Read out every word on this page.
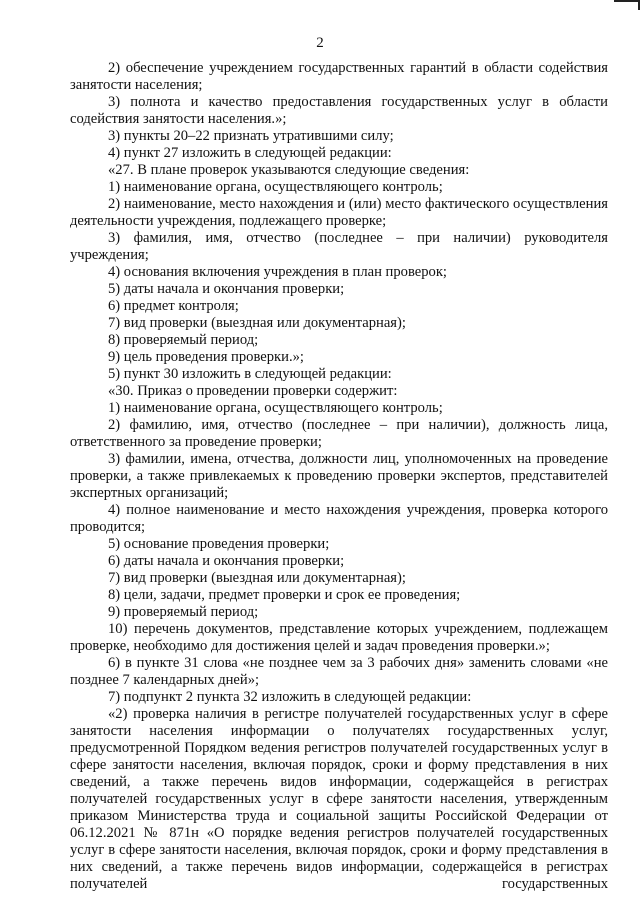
2

2) обеспечение учреждением государственных гарантий в области содействия занятости населения;

3) полнота и качество предоставления государственных услуг в области содействия занятости населения.»;

3) пункты 20–22 признать утратившими силу;

4) пункт 27 изложить в следующей редакции:

«27. В плане проверок указываются следующие сведения:

1) наименование органа, осуществляющего контроль;

2) наименование, место нахождения и (или) место фактического осуществления деятельности учреждения, подлежащего проверке;

3) фамилия, имя, отчество (последнее – при наличии) руководителя учреждения;

4) основания включения учреждения в план проверок;

5) даты начала и окончания проверки;

6) предмет контроля;

7) вид проверки (выездная или документарная);

8) проверяемый период;

9) цель проведения проверки.»;

5) пункт 30 изложить в следующей редакции:

«30. Приказ о проведении проверки содержит:

1) наименование органа, осуществляющего контроль;

2) фамилию, имя, отчество (последнее – при наличии), должность лица, ответственного за проведение проверки;

3) фамилии, имена, отчества, должности лиц, уполномоченных на проведение проверки, а также привлекаемых к проведению проверки экспертов, представителей экспертных организаций;

4) полное наименование и место нахождения учреждения, проверка которого проводится;

5) основание проведения проверки;

6) даты начала и окончания проверки;

7) вид проверки (выездная или документарная);

8) цели, задачи, предмет проверки и срок ее проведения;

9) проверяемый период;

10) перечень документов, представление которых учреждением, подлежащем проверке, необходимо для достижения целей и задач проведения проверки.»;

6) в пункте 31 слова «не позднее чем за 3 рабочих дня» заменить словами «не позднее 7 календарных дней»;

7) подпункт 2 пункта 32 изложить в следующей редакции:

«2) проверка наличия в регистре получателей государственных услуг в сфере занятости населения информации о получателях государственных услуг, предусмотренной Порядком ведения регистров получателей государственных услуг в сфере занятости населения, включая порядок, сроки и форму представления в них сведений, а также перечень видов информации, содержащейся в регистрах получателей государственных услуг в сфере занятости населения, утвержденным приказом Министерства труда и социальной защиты Российской Федерации от 06.12.2021 № 871н «О порядке ведения регистров получателей государственных услуг в сфере занятости населения, включая порядок, сроки и форму представления в них сведений, а также перечень видов информации, содержащейся в регистрах получателей государственных
